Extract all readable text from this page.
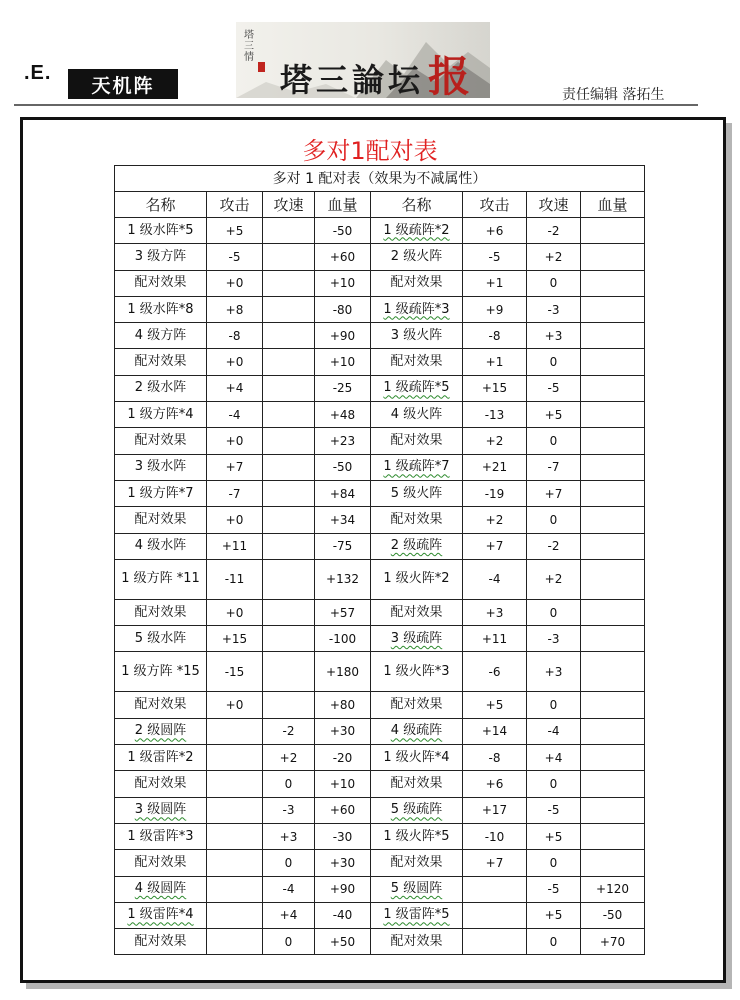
.E.
天机阵
塔三情
塔三論坛报	责任编辑 落拓生
多对1配对表
多对 1 配对表（效果为不减属性）							
名称	攻击	攻速	血量	名称	攻击	攻速	血量
1 级水阵*5	+5		-50	1 级疏阵*2	+6	-2	
3 级方阵	-5		+60	2 级火阵	-5	+2	
配对效果	+0		+10	配对效果	+1	0	
1 级水阵*8	+8		-80	1 级疏阵*3	+9	-3	
4 级方阵	-8		+90	3 级火阵	-8	+3	
配对效果	+0		+10	配对效果	+1	0	
2 级水阵	+4		-25	1 级疏阵*5	+15	-5	
1 级方阵*4	-4		+48	4 级火阵	-13	+5	
配对效果	+0		+23	配对效果	+2	0	
3 级水阵	+7		-50	1 级疏阵*7	+21	-7	
1 级方阵*7	-7		+84	5 级火阵	-19	+7	
配对效果	+0		+34	配对效果	+2	0	
4 级水阵	+11		-75	2 级疏阵	+7	-2	
1 级方阵 *11	-11		+132	1 级火阵*2	-4	+2	
配对效果	+0		+57	配对效果	+3	0	
5 级水阵	+15		-100	3 级疏阵	+11	-3	
1 级方阵 *15	-15		+180	1 级火阵*3	-6	+3	
配对效果	+0		+80	配对效果	+5	0	
2 级圆阵		-2	+30	4 级疏阵	+14	-4	
1 级雷阵*2		+2	-20	1 级火阵*4	-8	+4	
配对效果		0	+10	配对效果	+6	0	
3 级圆阵		-3	+60	5 级疏阵	+17	-5	
1 级雷阵*3		+3	-30	1 级火阵*5	-10	+5	
配对效果		0	+30	配对效果	+7	0	
4 级圆阵		-4	+90	5 级圆阵		-5	+120
1 级雷阵*4		+4	-40	1 级雷阵*5		+5	-50
配对效果		0	+50	配对效果		0	+70
